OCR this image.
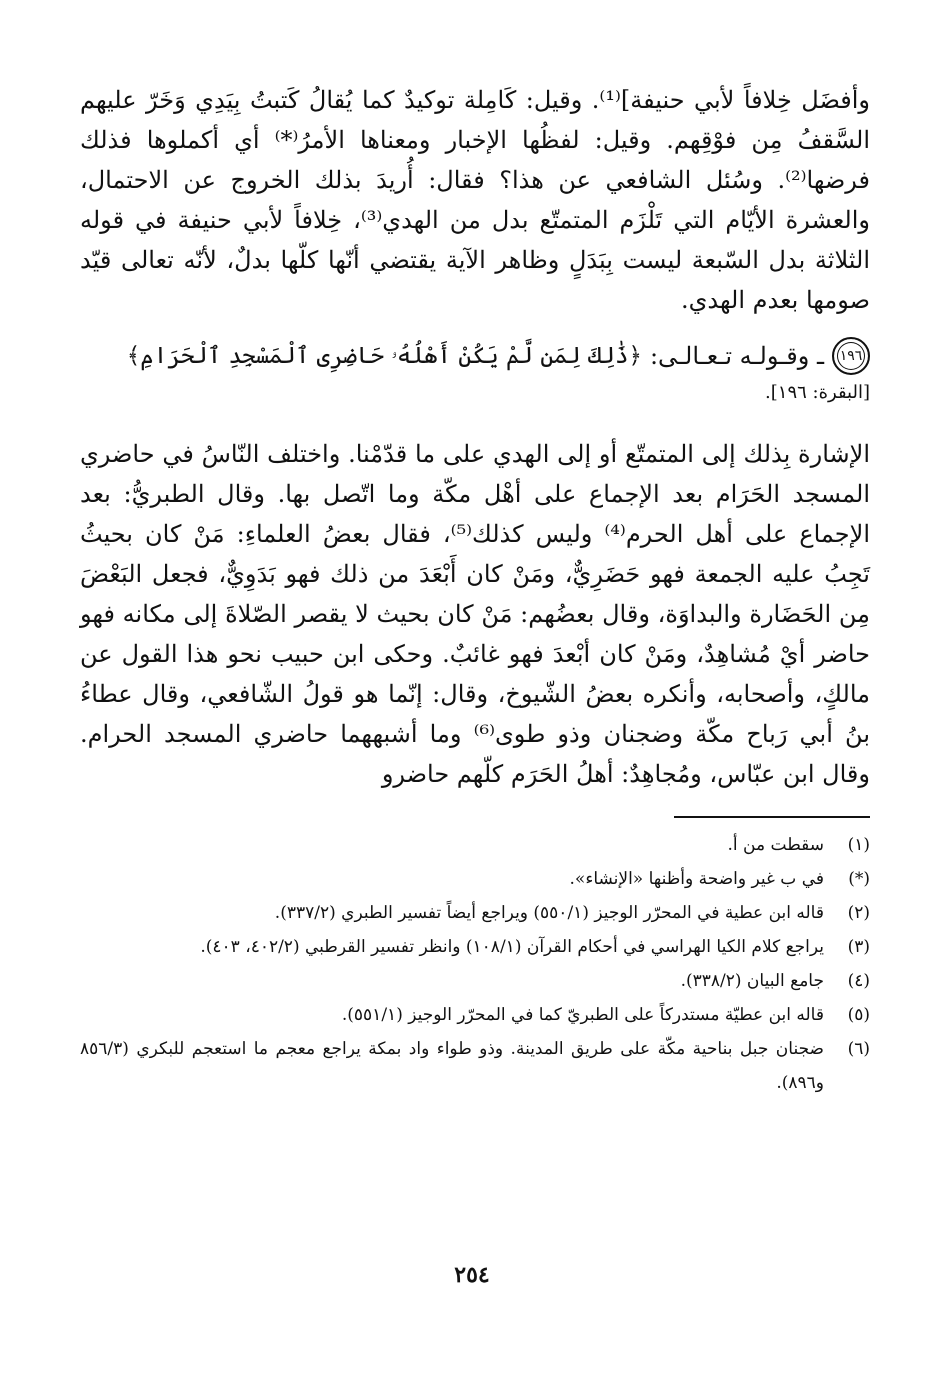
وأفضَل خِلافاً لأبي حنيفة]⁽¹⁾. وقيل: كَامِلة توكيدٌ كما يُقالُ كَتبتُ بِيَدِي وَخَرّ عليهم السَّقفُ مِن فوْقِهم. وقيل: لفظُها الإخبار ومعناها الأمرُ⁽*⁾ أي أكملوها فذلك فرضها⁽²⁾. وسُئل الشافعي عن هذا؟ فقال: أُريدَ بذلك الخروج عن الاحتمال، والعشرة الأيّام التي تَلْزَم المتمتّع بدل من الهدي⁽³⁾، خِلافاً لأبي حنيفة في قوله الثلاثة بدل السّبعة ليست بِبَدَلٍ وظاهر الآية يقتضي أنّها كلّها بدلٌ، لأنّه تعالى قيّد صومها بعدم الهدي.

١٩٦
ـ وقـولـه تـعـالـى:
﴿ذَٰلِكَ لِمَن لَّمْ يَكُنْ أَهْلُهُۥ حَاضِرِى ٱلْمَسْجِدِ ٱلْحَرَامِ﴾
[البقرة: ١٩٦].

الإشارة بِذلك إلى المتمتّع أو إلى الهدي على ما قدّمْنا. واختلف النّاسُ في حاضري المسجد الحَرَام بعد الإجماع على أهْل مكّة وما اتّصل بها. وقال الطبريُّ: بعد الإجماع على أهل الحرم⁽⁴⁾ وليس كذلك⁽⁵⁾، فقال بعضُ العلماءِ: مَنْ كان بحيثُ تَجِبُ عليه الجمعة فهو حَضَرِيٌّ، ومَنْ كان أَبْعَدَ من ذلك فهو بَدَوِيٌّ، فجعل البَعْضَ مِن الحَضَارة والبداوَة، وقال بعضُهم: مَنْ كان بحيث لا يقصر الصّلاةَ إلى مكانه فهو حاضر أيْ مُشاهِدٌ، ومَنْ كان أبْعدَ فهو غائبٌ. وحكى ابن حبيب نحو هذا القول عن مالكٍ، وأصحابه، وأنكره بعضُ الشّيوخ، وقال: إنّما هو قولُ الشّافعي، وقال عطاءُ بنُ أبي رَباح مكّة وضجنان وذو طوى⁽⁶⁾ وما أشبههما حاضري المسجد الحرام. وقال ابن عبّاس، ومُجاهِدٌ: أهلُ الحَرَم كلّهم حاضرو

(١)
سقطت من أ.
(*)
في ب غير واضحة وأظنها «الإنشاء».
(٢)
قاله ابن عطية في المحرّر الوجيز (٥٥٠/١) ويراجع أيضاً تفسير الطبري (٣٣٧/٢).
(٣)
يراجع كلام الكيا الهراسي في أحكام القرآن (١٠٨/١) وانظر تفسير القرطبي (٤٠٢/٢، ٤٠٣).
(٤)
جامع البيان (٣٣٨/٢).
(٥)
قاله ابن عطيّة مستدركاً على الطبريّ كما في المحرّر الوجيز (٥٥١/١).
(٦)
ضجنان جبل بناحية مكّة على طريق المدينة. وذو طواء واد بمكة يراجع معجم ما استعجم للبكري (٨٥٦/٣ و٨٩٦).
٢٥٤
